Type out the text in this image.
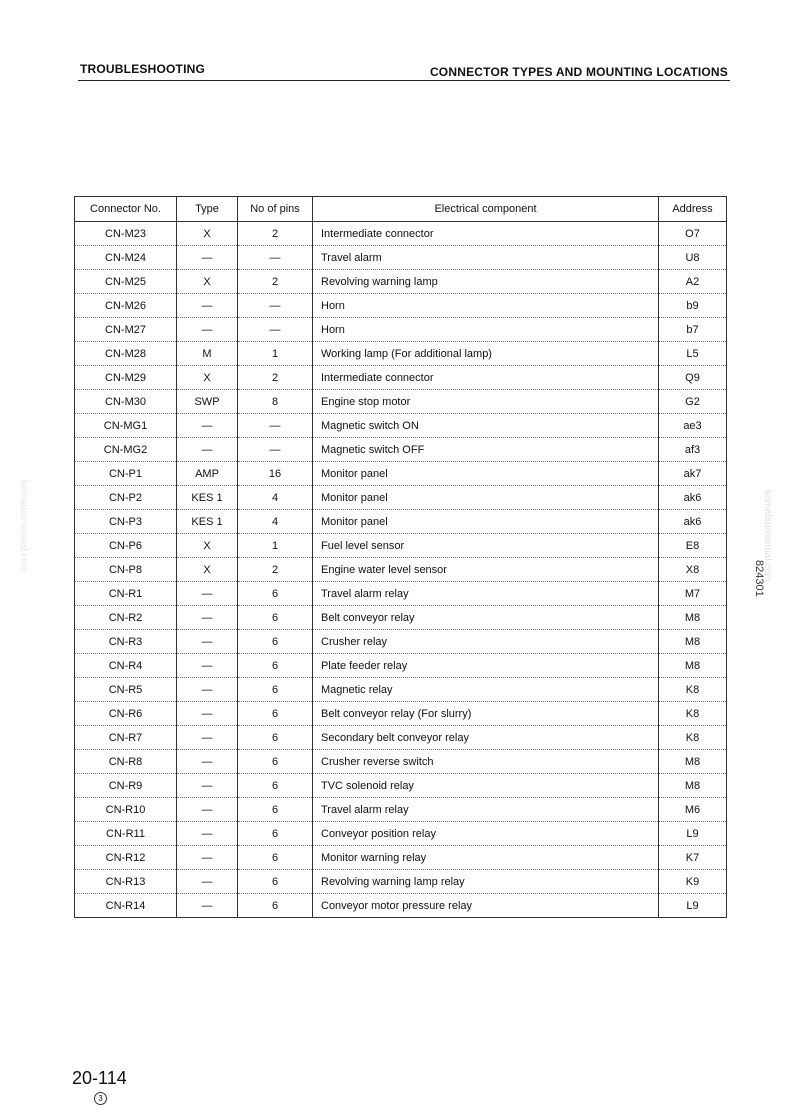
TROUBLESHOOTING	CONNECTOR TYPES AND MOUNTING LOCATIONS
Connector No.	Type	No of pins	Electrical component	Address
CN-M23	X	2	Intermediate connector	O7
CN-M24	—	—	Travel alarm	U8
CN-M25	X	2	Revolving warning lamp	A2
CN-M26	—	—	Horn	b9
CN-M27	—	—	Horn	b7
CN-M28	M	1	Working lamp (For additional lamp)	L5
CN-M29	X	2	Intermediate connector	Q9
CN-M30	SWP	8	Engine stop motor	G2
CN-MG1	—	—	Magnetic switch ON	ae3
CN-MG2	—	—	Magnetic switch OFF	af3
CN-P1	AMP	16	Monitor panel	ak7
CN-P2	KES 1	4	Monitor panel	ak6
CN-P3	KES 1	4	Monitor panel	ak6
CN-P6	X	1	Fuel level sensor	E8
CN-P8	X	2	Engine water level sensor	X8
CN-R1	—	6	Travel alarm relay	M7
CN-R2	—	6	Belt conveyor relay	M8
CN-R3	—	6	Crusher relay	M8
CN-R4	—	6	Plate feeder relay	M8
CN-R5	—	6	Magnetic relay	K8
CN-R6	—	6	Belt conveyor relay (For slurry)	K8
CN-R7	—	6	Secondary belt conveyor relay	K8
CN-R8	—	6	Crusher reverse switch	M8
CN-R9	—	6	TVC solenoid relay	M8
CN-R10	—	6	Travel alarm relay	M6
CN-R11	—	6	Conveyor position relay	L9
CN-R12	—	6	Monitor warning relay	K7
CN-R13	—	6	Revolving warning lamp relay	K9
CN-R14	—	6	Conveyor motor pressure relay	L9
20-114
3
824301
komatsumanual.com	komatsumanual.com
